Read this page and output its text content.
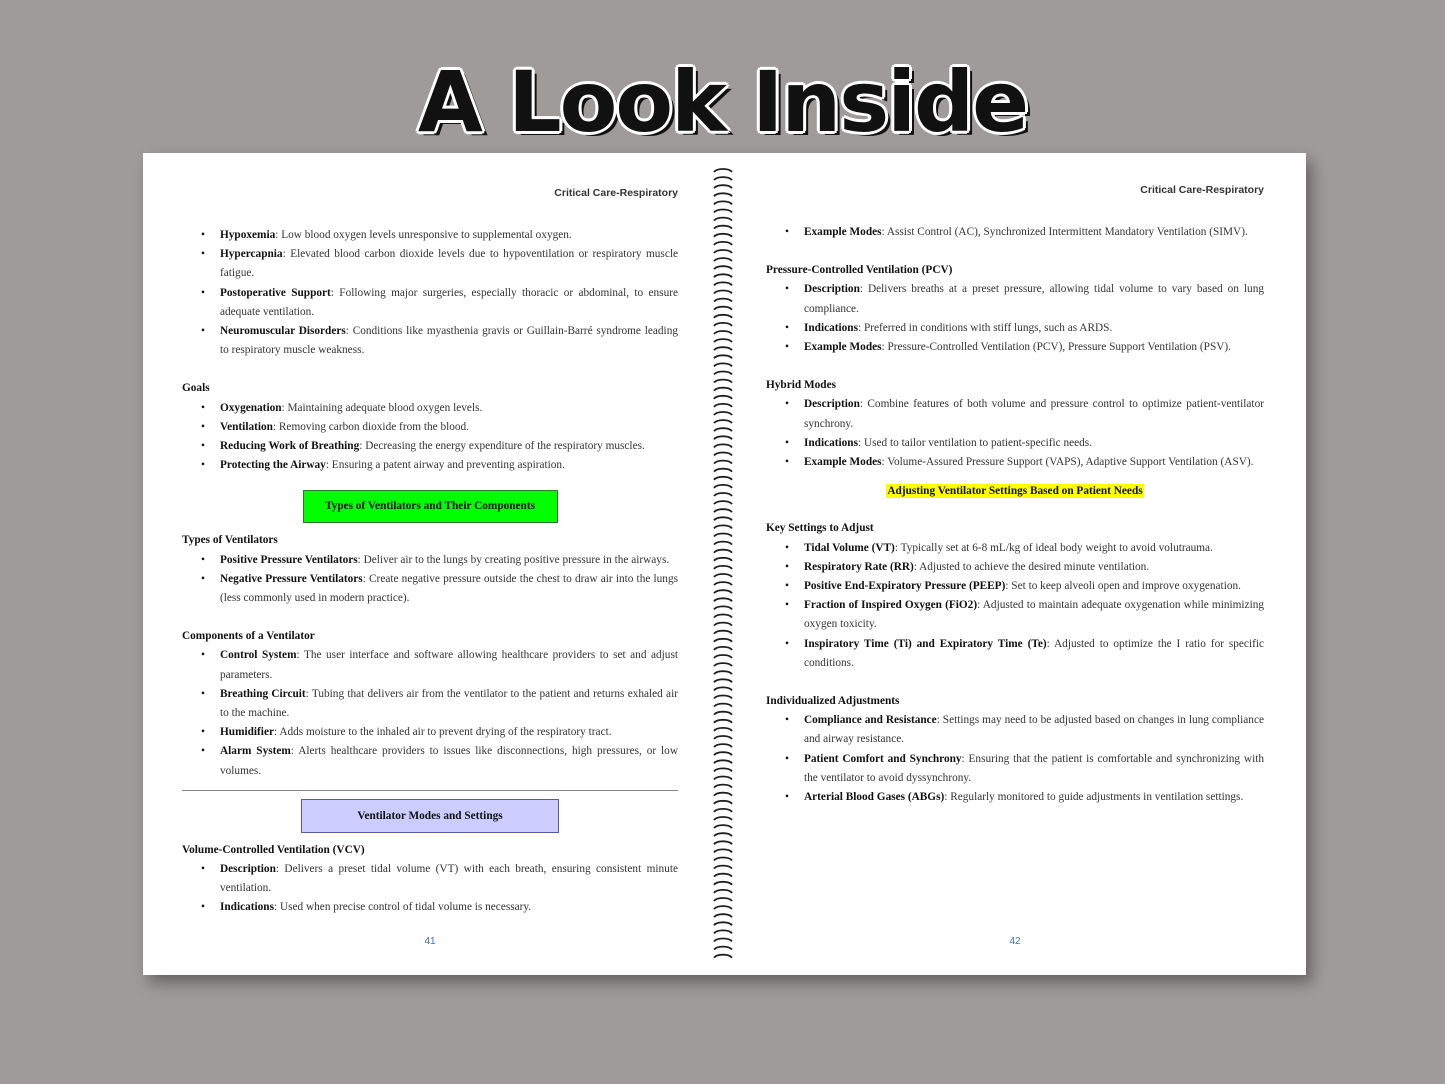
A Look Inside
Critical Care-Respiratory
• Hypoxemia: Low blood oxygen levels unresponsive to supplemental oxygen.
• Hypercapnia: Elevated blood carbon dioxide levels due to hypoventilation or respiratory muscle fatigue.
• Postoperative Support: Following major surgeries, especially thoracic or abdominal, to ensure adequate ventilation.
• Neuromuscular Disorders: Conditions like myasthenia gravis or Guillain-Barré syndrome leading to respiratory muscle weakness.

Goals

• Oxygenation: Maintaining adequate blood oxygen levels.
• Ventilation: Removing carbon dioxide from the blood.
• Reducing Work of Breathing: Decreasing the energy expenditure of the respiratory muscles.
• Protecting the Airway: Ensuring a patent airway and preventing aspiration.
Types of Ventilators and Their Components

Types of Ventilators

• Positive Pressure Ventilators: Deliver air to the lungs by creating positive pressure in the airways.
• Negative Pressure Ventilators: Create negative pressure outside the chest to draw air into the lungs (less commonly used in modern practice).

Components of a Ventilator

• Control System: The user interface and software allowing healthcare providers to set and adjust parameters.
• Breathing Circuit: Tubing that delivers air from the ventilator to the patient and returns exhaled air to the machine.
• Humidifier: Adds moisture to the inhaled air to prevent drying of the respiratory tract.
• Alarm System: Alerts healthcare providers to issues like disconnections, high pressures, or low volumes.
Ventilator Modes and Settings

Volume-Controlled Ventilation (VCV)

• Description: Delivers a preset tidal volume (VT) with each breath, ensuring consistent minute ventilation.
• Indications: Used when precise control of tidal volume is necessary.
41
Critical Care-Respiratory
• Example Modes: Assist Control (AC), Synchronized Intermittent Mandatory Ventilation (SIMV).

Pressure-Controlled Ventilation (PCV)

• Description: Delivers breaths at a preset pressure, allowing tidal volume to vary based on lung compliance.
• Indications: Preferred in conditions with stiff lungs, such as ARDS.
• Example Modes: Pressure-Controlled Ventilation (PCV), Pressure Support Ventilation (PSV).

Hybrid Modes

• Description: Combine features of both volume and pressure control to optimize patient-ventilator synchrony.
• Indications: Used to tailor ventilation to patient-specific needs.
• Example Modes: Volume-Assured Pressure Support (VAPS), Adaptive Support Ventilation (ASV).
Adjusting Ventilator Settings Based on Patient Needs

Key Settings to Adjust

• Tidal Volume (VT): Typically set at 6-8 mL/kg of ideal body weight to avoid volutrauma.
• Respiratory Rate (RR): Adjusted to achieve the desired minute ventilation.
• Positive End-Expiratory Pressure (PEEP): Set to keep alveoli open and improve oxygenation.
• Fraction of Inspired Oxygen (FiO2): Adjusted to maintain adequate oxygenation while minimizing oxygen toxicity.
• Inspiratory Time (Ti) and Expiratory Time (Te): Adjusted to optimize the I ratio for specific conditions.

Individualized Adjustments

• Compliance and Resistance: Settings may need to be adjusted based on changes in lung compliance and airway resistance.
• Patient Comfort and Synchrony: Ensuring that the patient is comfortable and synchronizing with the ventilator to avoid dyssynchrony.
• Arterial Blood Gases (ABGs): Regularly monitored to guide adjustments in ventilation settings.
42
